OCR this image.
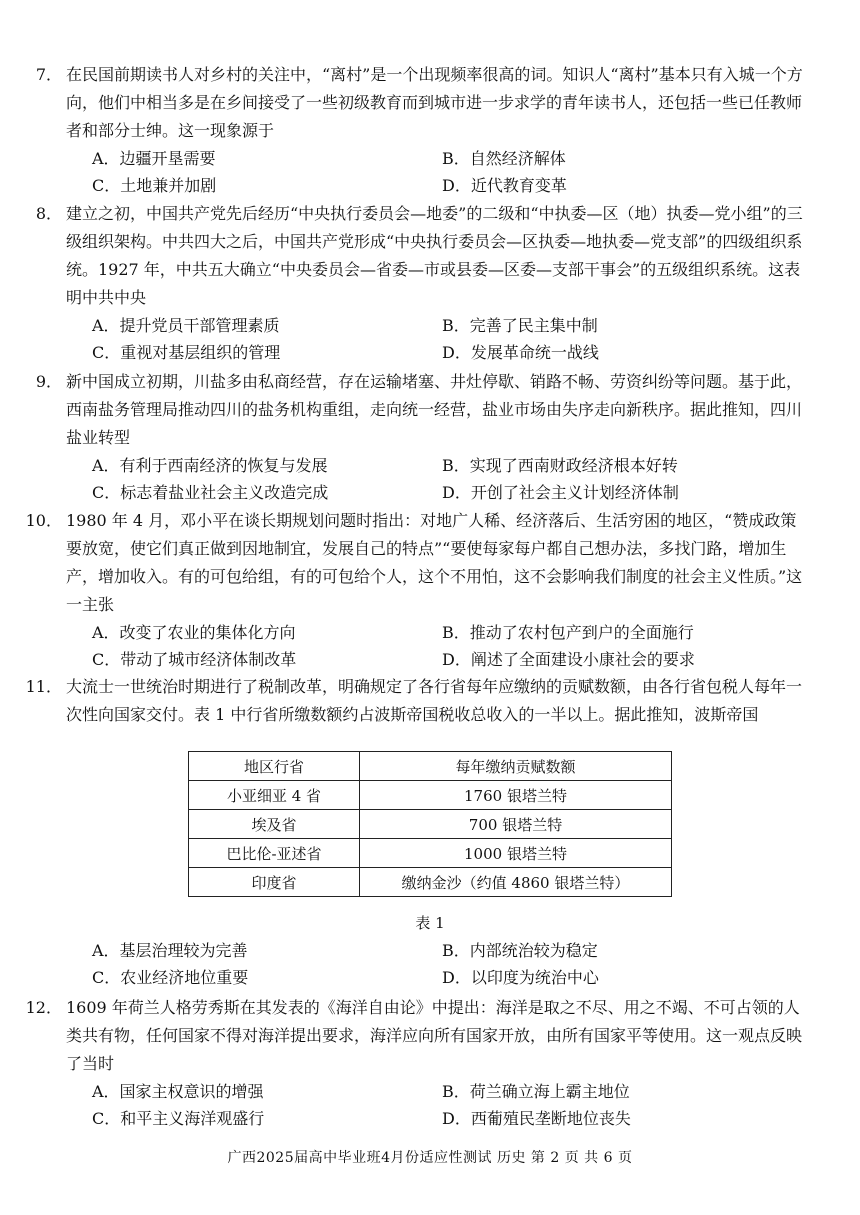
7． 在民国前期读书人对乡村的关注中，“离村”是一个出现频率很高的词。知识人“离村”基本只有入城一个方向，他们中相当多是在乡间接受了一些初级教育而到城市进一步求学的青年读书人，还包括一些已任教师者和部分士绅。这一现象源于
A．边疆开垦需要	B．自然经济解体
C．土地兼并加剧	D．近代教育变革
8． 建立之初，中国共产党先后经历“中央执行委员会—地委”的二级和“中执委—区（地）执委—党小组”的三级组织架构。中共四大之后，中国共产党形成“中央执行委员会—区执委—地执委—党支部”的四级组织系统。1927 年，中共五大确立“中央委员会—省委—市或县委—区委—支部干事会”的五级组织系统。这表明中共中央
A．提升党员干部管理素质	B．完善了民主集中制
C．重视对基层组织的管理	D．发展革命统一战线
9． 新中国成立初期，川盐多由私商经营，存在运输堵塞、井灶停歇、销路不畅、劳资纠纷等问题。基于此，西南盐务管理局推动四川的盐务机构重组，走向统一经营，盐业市场由失序走向新秩序。据此推知，四川盐业转型
A．有利于西南经济的恢复与发展	B．实现了西南财政经济根本好转
C．标志着盐业社会主义改造完成	D．开创了社会主义计划经济体制
10． 1980 年 4 月，邓小平在谈长期规划问题时指出：对地广人稀、经济落后、生活穷困的地区，“赞成政策要放宽，使它们真正做到因地制宜，发展自己的特点”“要使每家每户都自己想办法，多找门路，增加生产，增加收入。有的可包给组，有的可包给个人，这个不用怕，这不会影响我们制度的社会主义性质。”这一主张
A．改变了农业的集体化方向	B．推动了农村包产到户的全面施行
C．带动了城市经济体制改革	D．阐述了全面建设小康社会的要求
11． 大流士一世统治时期进行了税制改革，明确规定了各行省每年应缴纳的贡赋数额，由各行省包税人每年一次性向国家交付。表 1 中行省所缴数额约占波斯帝国税收总收入的一半以上。据此推知，波斯帝国
地区行省	每年缴纳贡赋数额
小亚细亚 4 省	1760 银塔兰特
埃及省	700 银塔兰特
巴比伦-亚述省	1000 银塔兰特
印度省	缴纳金沙（约值 4860 银塔兰特）
表 1
A．基层治理较为完善	B．内部统治较为稳定
C．农业经济地位重要	D．以印度为统治中心
12． 1609 年荷兰人格劳秀斯在其发表的《海洋自由论》中提出：海洋是取之不尽、用之不竭、不可占领的人类共有物，任何国家不得对海洋提出要求，海洋应向所有国家开放，由所有国家平等使用。这一观点反映了当时
A．国家主权意识的增强	B．荷兰确立海上霸主地位
C．和平主义海洋观盛行	D．西葡殖民垄断地位丧失
广西2025届高中毕业班4月份适应性测试 历史 第 2 页 共 6 页
